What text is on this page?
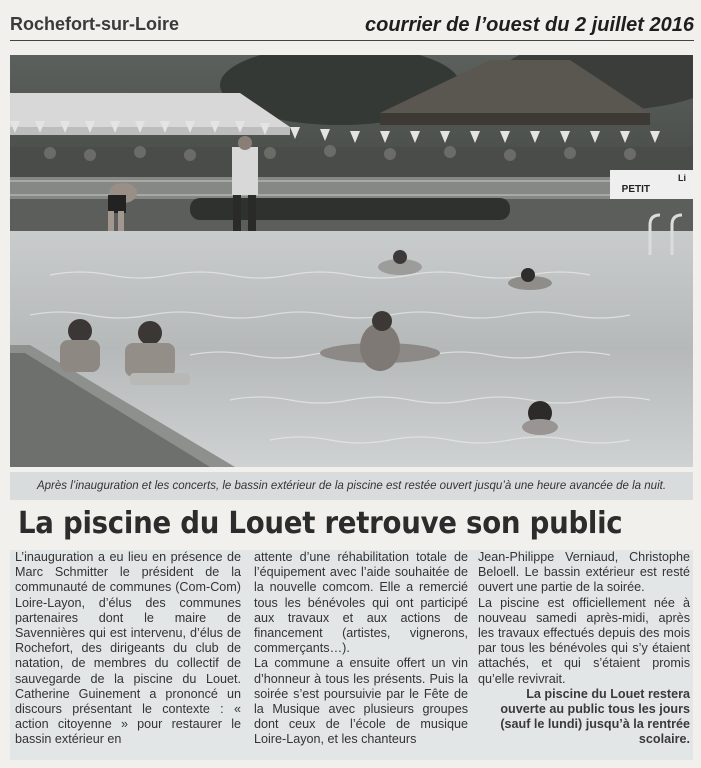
Rochefort-sur-Loire	courrier de l’ouest du 2 juillet 2016
PETIT
Li
Après l’inauguration et les concerts, le bassin extérieur de la piscine est restée ouvert jusqu’à une heure avancée de la nuit.
La piscine du Louet retrouve son public

L’inauguration a eu lieu en présence de Marc Schmitter le président de la communauté de communes (Com-Com) Loire-Layon, d’élus des communes partenaires dont le maire de Savennières qui est intervenu, d’élus de Rochefort, des dirigeants du club de natation, de membres du collectif de sauvegarde de la piscine du Louet. Catherine Guinement a prononcé un discours présentant le contexte : « action citoyenne » pour restaurer le bassin extérieur en

attente d’une réhabilitation totale de l’équipement avec l’aide souhaitée de la nouvelle comcom. Elle a remercié tous les bénévoles qui ont participé aux travaux et aux actions de financement (artistes, vignerons, commerçants…).

La commune a ensuite offert un vin d’honneur à tous les présents. Puis la soirée s’est poursuivie par le Fête de la Musique avec plusieurs groupes dont ceux de l’école de musique Loire-Layon, et les chanteurs

Jean-Philippe Verniaud, Christophe Beloell. Le bassin extérieur est resté ouvert une partie de la soirée.

La piscine est officiellement née à nouveau samedi après-midi, après les travaux effectués depuis des mois par tous les bénévoles qui s’y étaient attachés, et qui s’étaient promis qu’elle revivrait.

La piscine du Louet restera ouverte au public tous les jours (sauf le lundi) jusqu’à la rentrée scolaire.
